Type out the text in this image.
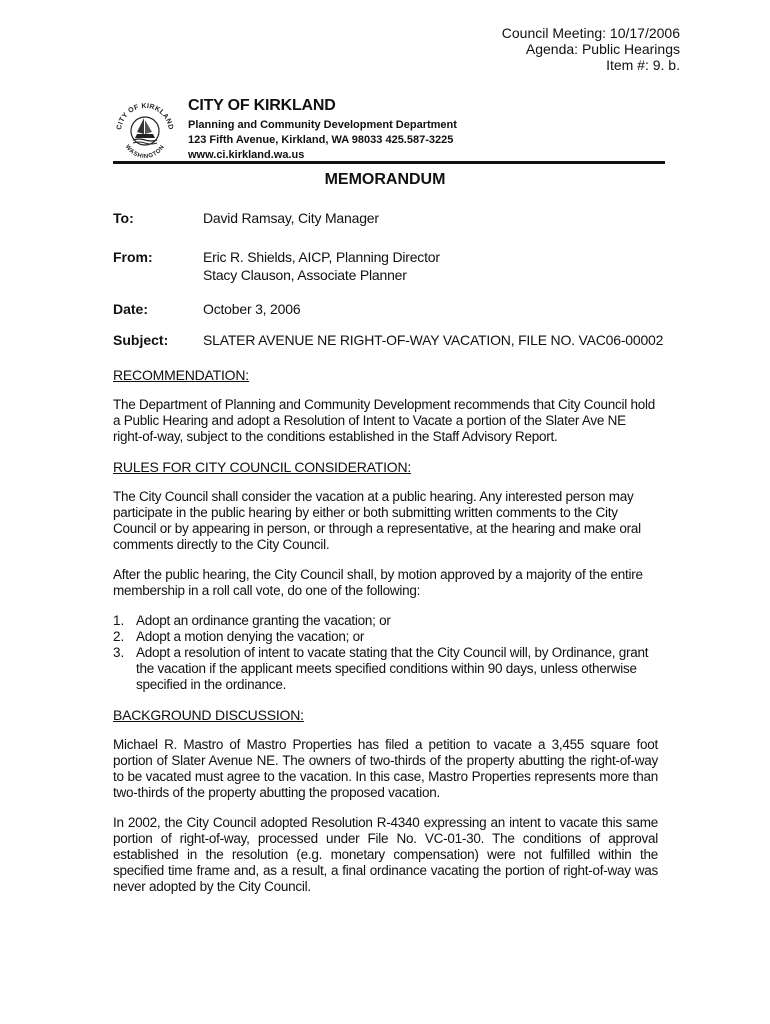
Council Meeting: 10/17/2006
Agenda: Public Hearings
Item #: 9. b.
CITY OF KIRKLAND
WASHINGTON
CITY OF KIRKLAND
Planning and Community Development Department
123 Fifth Avenue, Kirkland, WA 98033 425.587-3225
www.ci.kirkland.wa.us
MEMORANDUM
To:	David Ramsay, City Manager
From:	Eric R. Shields, AICP, Planning Director
Stacy Clauson, Associate Planner
Date:	October 3, 2006
Subject: SLATER AVENUE NE RIGHT-OF-WAY VACATION, FILE NO. VAC06-00002
RECOMMENDATION:
The Department of Planning and Community Development recommends that City Council hold a Public Hearing and adopt a Resolution of Intent to Vacate a portion of the Slater Ave NE right-of-way, subject to the conditions established in the Staff Advisory Report.
RULES FOR CITY COUNCIL CONSIDERATION:
The City Council shall consider the vacation at a public hearing. Any interested person may participate in the public hearing by either or both submitting written comments to the City Council or by appearing in person, or through a representative, at the hearing and make oral comments directly to the City Council.
After the public hearing, the City Council shall, by motion approved by a majority of the entire membership in a roll call vote, do one of the following:
1. Adopt an ordinance granting the vacation; or
2. Adopt a motion denying the vacation; or
3. Adopt a resolution of intent to vacate stating that the City Council will, by Ordinance, grant the vacation if the applicant meets specified conditions within 90 days, unless otherwise specified in the ordinance.
BACKGROUND DISCUSSION:
Michael R. Mastro of Mastro Properties has filed a petition to vacate a 3,455 square foot portion of Slater Avenue NE. The owners of two-thirds of the property abutting the right-of-way to be vacated must agree to the vacation. In this case, Mastro Properties represents more than two-thirds of the property abutting the proposed vacation.
In 2002, the City Council adopted Resolution R-4340 expressing an intent to vacate this same portion of right-of-way, processed under File No. VC-01-30. The conditions of approval established in the resolution (e.g. monetary compensation) were not fulfilled within the specified time frame and, as a result, a final ordinance vacating the portion of right-of-way was never adopted by the City Council.
